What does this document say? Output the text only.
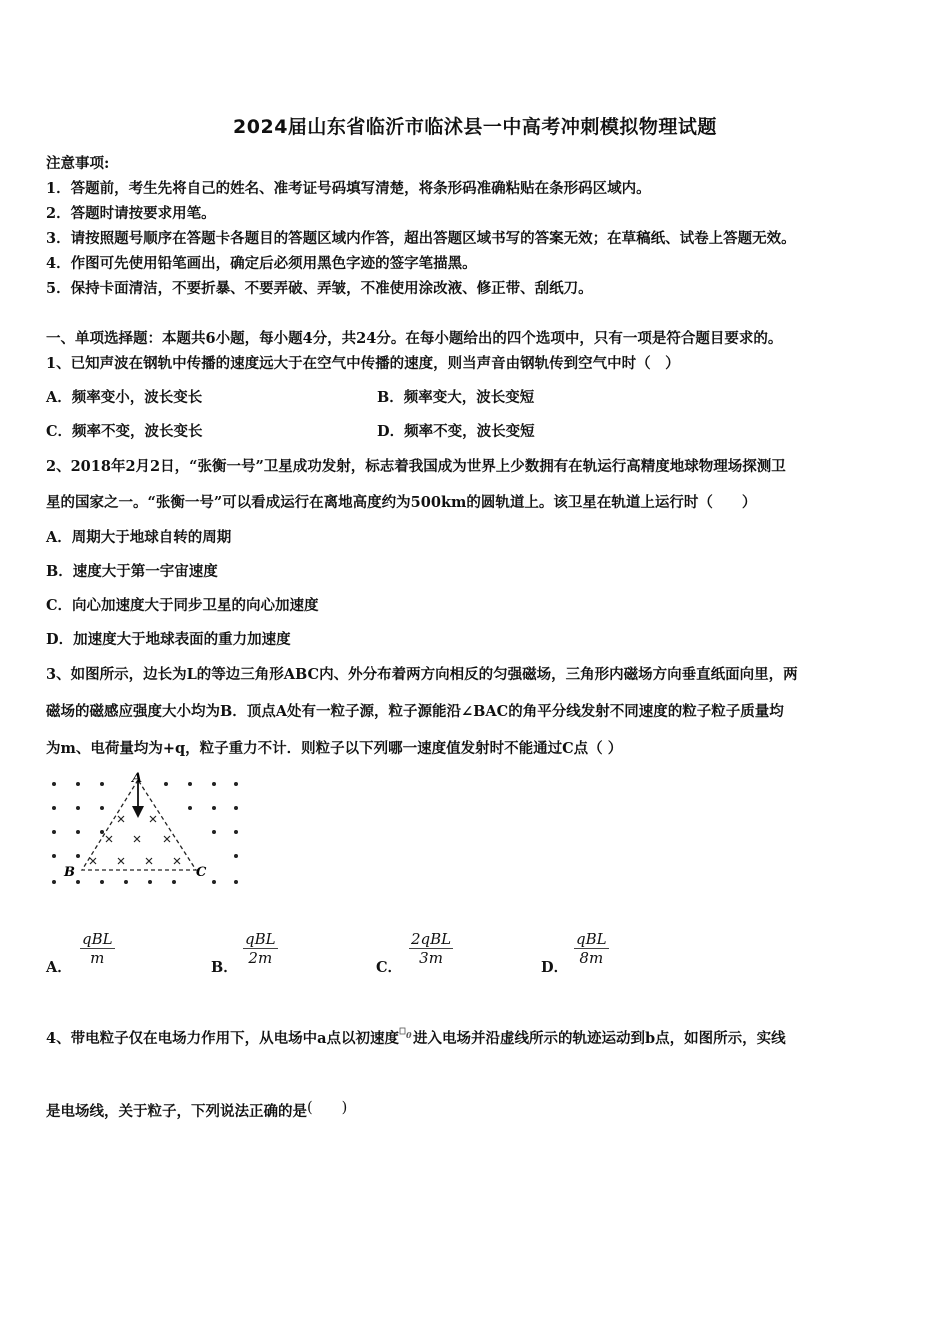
2024届山东省临沂市临沭县一中高考冲刺模拟物理试题
注意事项:
1．答题前，考生先将自己的姓名、准考证号码填写清楚，将条形码准确粘贴在条形码区域内。
2．答题时请按要求用笔。
3．请按照题号顺序在答题卡各题目的答题区域内作答，超出答题区域书写的答案无效；在草稿纸、试卷上答题无效。
4．作图可先使用铅笔画出，确定后必须用黑色字迹的签字笔描黑。
5．保持卡面清洁，不要折暴、不要弄破、弄皱，不准使用涂改液、修正带、刮纸刀。
一、单项选择题：本题共6小题，每小题4分，共24分。在每小题给出的四个选项中，只有一项是符合题目要求的。
1、已知声波在钢轨中传播的速度远大于在空气中传播的速度，则当声音由钢轨传到空气中时（　）
A．频率变小，波长变长	B．频率变大，波长变短
C．频率不变，波长变长	D．频率不变，波长变短
2、2018年2月2日，“张衡一号”卫星成功发射，标志着我国成为世界上少数拥有在轨运行高精度地球物理场探测卫
星的国家之一。“张衡一号”可以看成运行在离地高度约为500km的圆轨道上。该卫星在轨道上运行时（　　）
A．周期大于地球自转的周期
B．速度大于第一宇宙速度
C．向心加速度大于同步卫星的向心加速度
D．加速度大于地球表面的重力加速度
3、如图所示，边长为L的等边三角形ABC内、外分布着两方向相反的匀强磁场，三角形内磁场方向垂直纸面向里，两
磁场的磁感应强度大小均为B．顶点A处有一粒子源，粒子源能沿∠BAC的角平分线发射不同速度的粒子粒子质量均
为m、电荷量均为+q，粒子重力不计．则粒子以下列哪一速度值发射时不能通过C点（ ）
A
B	C
A．
qBL
m
B．
qBL
2m
C．
2qBL
3m
D．
qBL
8m
4、带电粒子仅在电场力作用下，从电场中a点以初速度 0 进入电场并沿虚线所示的轨迹运动到b点，如图所示，实线
是电场线，关于粒子，下列说法正确的是(　　)
